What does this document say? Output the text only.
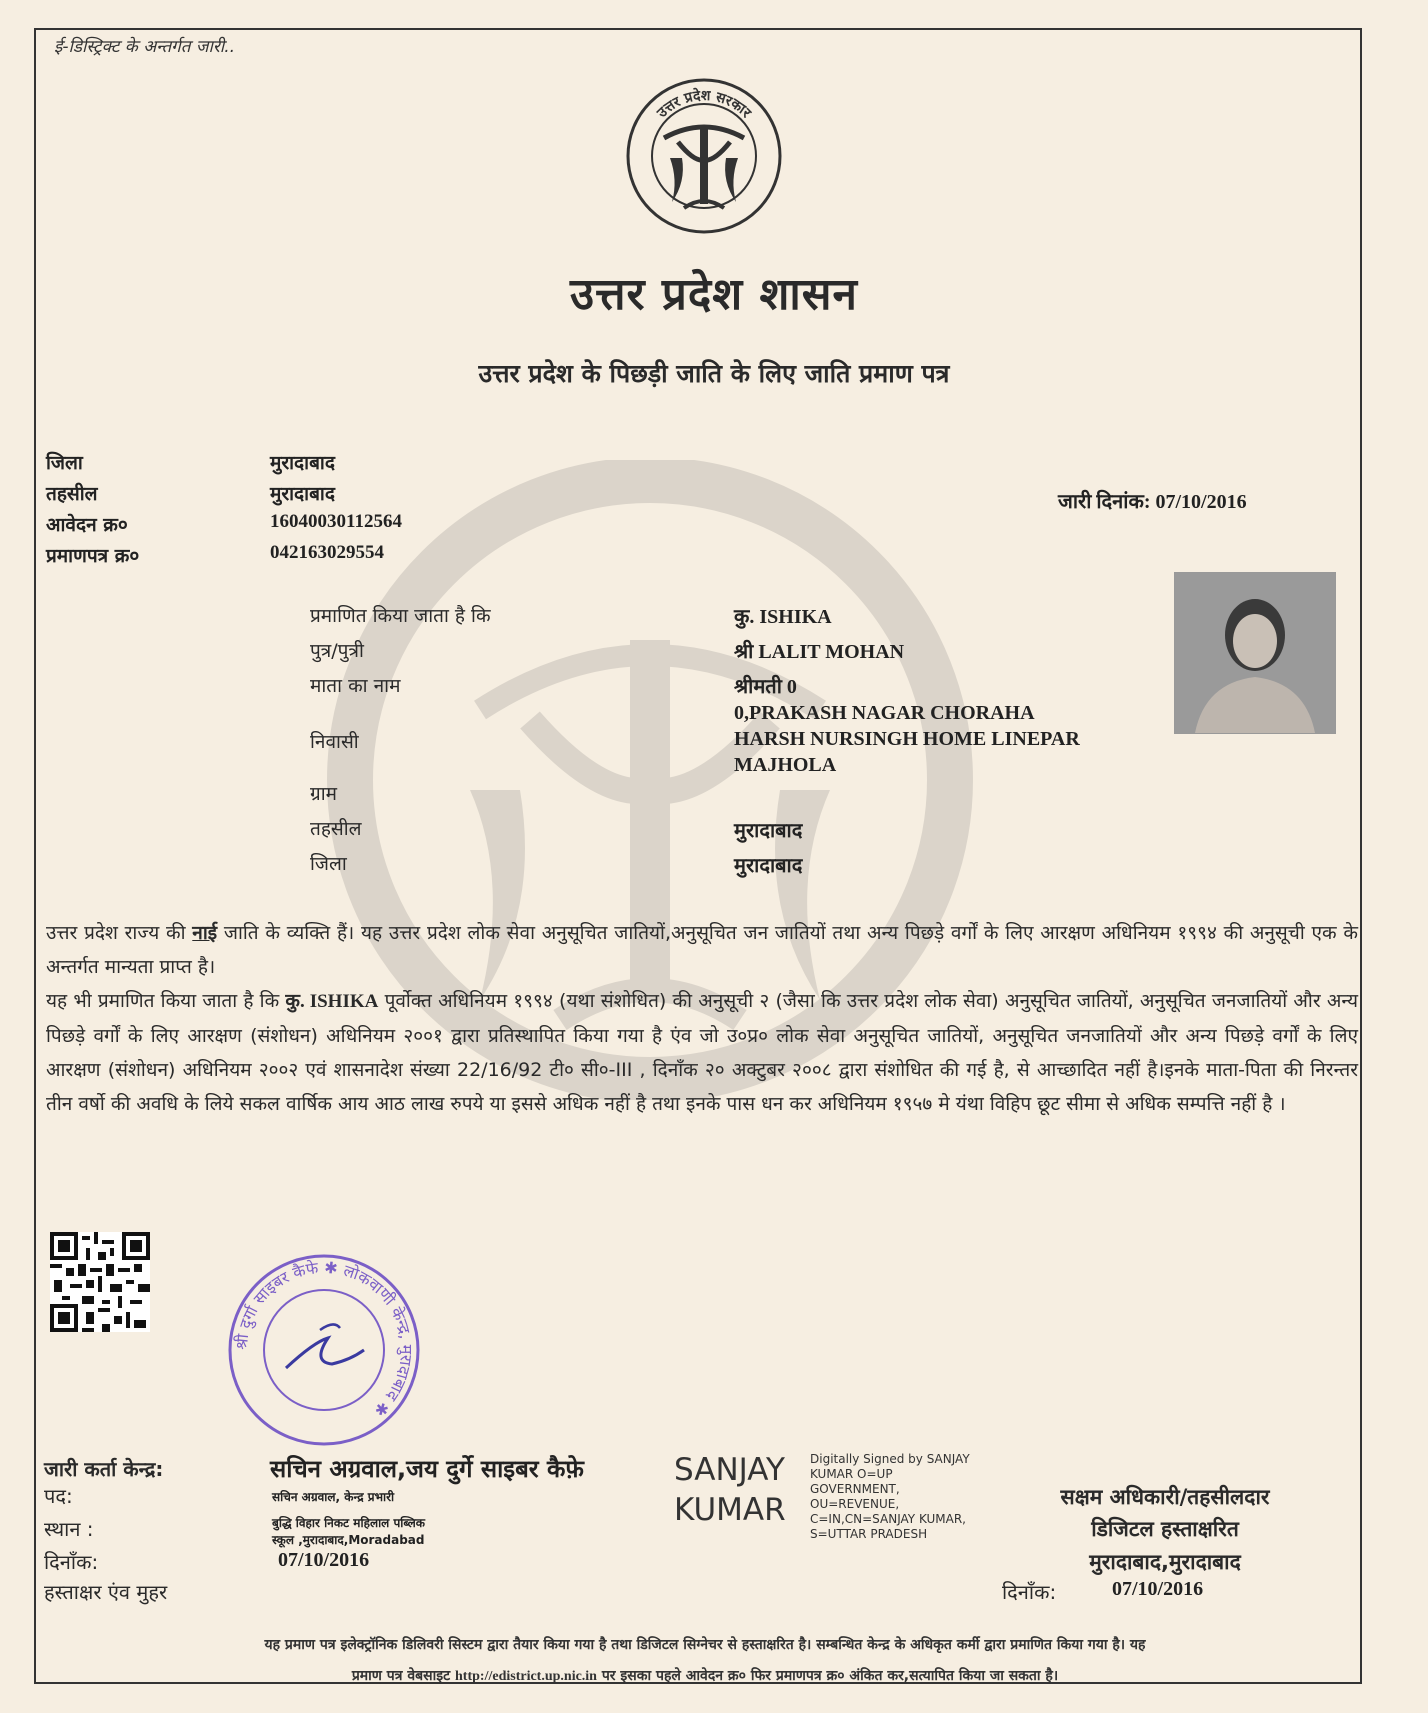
ई-डिस्ट्रिक्ट के अन्तर्गत जारी..
उत्तर प्रदेश सरकार
उत्तर प्रदेश शासन
उत्तर प्रदेश के पिछड़ी जाति के लिए जाति प्रमाण पत्र
जिला	मुरादाबाद
तहसील	मुरादाबाद
आवेदन क्र०	16040030112564
प्रमाणपत्र क्र०	042163029554
जारी दिनांक: 07/10/2016
प्रमाणित किया जाता है कि	कु. ISHIKA
पुत्र/पुत्री	श्री LALIT MOHAN
माता का नाम	श्रीमती 0
निवासी
0,PRAKASH NAGAR CHORAHA
HARSH NURSINGH HOME LINEPAR
MAJHOLA
ग्राम
तहसील	मुरादाबाद
जिला	मुरादाबाद
उत्तर प्रदेश राज्य की नाई जाति के व्यक्ति हैं। यह उत्तर प्रदेश लोक सेवा अनुसूचित जातियों,अनुसूचित जन जातियों तथा अन्य पिछड़े वर्गों के लिए आरक्षण अधिनियम १९९४ की अनुसूची एक के अन्तर्गत मान्यता प्राप्त है।
यह भी प्रमाणित किया जाता है कि कु. ISHIKA पूर्वोक्त अधिनियम १९९४ (यथा संशोधित) की अनुसूची २ (जैसा कि उत्तर प्रदेश लोक सेवा) अनुसूचित जातियों, अनुसूचित जनजातियों और अन्य पिछड़े वर्गों के लिए आरक्षण (संशोधन) अधिनियम २००१ द्वारा प्रतिस्थापित किया गया है एंव जो उ०प्र० लोक सेवा अनुसूचित जातियों, अनुसूचित जनजातियों और अन्य पिछड़े वर्गों के लिए आरक्षण (संशोधन) अधिनियम २००२ एवं शासनादेश संख्या 22/16/92 टी० सी०-III , दिनाँक २० अक्टुबर २००८ द्वारा संशोधित की गई है, से आच्छादित नहीं है।इनके माता-पिता की निरन्तर तीन वर्षो की अवधि के लिये सकल वार्षिक आय आठ लाख रुपये या इससे अधिक नहीं है तथा इनके पास धन कर अधिनियम १९५७ मे यंथा विहिप छूट सीमा से अधिक सम्पत्ति नहीं है ।
श्री दुर्गा साइबर कैफे ✱ लोकवाणी केन्द्र, मुरादाबाद ✱
जारी कर्ता केन्द्र:	सचिन अग्रवाल,जय दुर्गे साइबर कैफ़े
पद:	सचिन अग्रवाल, केन्द्र प्रभारी
स्थान :	बुद्धि विहार निकट महिलाल पब्लिक
स्कूल ,मुरादाबाद,Moradabad
दिनाँक:	07/10/2016
हस्ताक्षर एंव मुहर
SANJAY
KUMAR
Digitally Signed by SANJAY
KUMAR O=UP
GOVERNMENT,
OU=REVENUE,
C=IN,CN=SANJAY KUMAR,
S=UTTAR PRADESH
सक्षम अधिकारी/तहसीलदार
डिजिटल हस्ताक्षरित
मुरादाबाद,मुरादाबाद
दिनाँक:	07/10/2016
यह प्रमाण पत्र इलेक्ट्रॉनिक डिलिवरी सिस्टम द्वारा तैयार किया गया है तथा डिजिटल सिग्नेचर से हस्ताक्षरित है। सम्बन्धित केन्द्र के अधिकृत कर्मी द्वारा प्रमाणित किया गया है। यह
प्रमाण पत्र वेबसाइट http://edistrict.up.nic.in पर इसका पहले आवेदन क्र० फिर प्रमाणपत्र क्र० अंकित कर,सत्यापित किया जा सकता है।
